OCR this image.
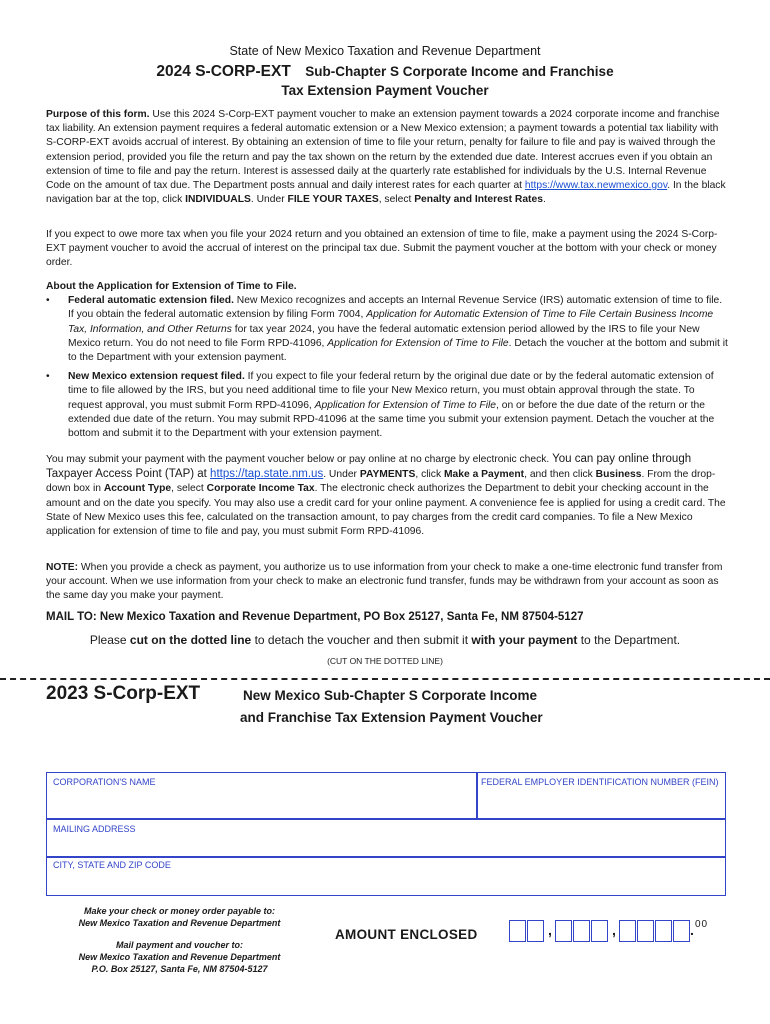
State of New Mexico Taxation and Revenue Department
2024 S-CORP-EXT Sub-Chapter S Corporate Income and Franchise
Tax Extension Payment Voucher

Purpose of this form. Use this 2024 S-Corp-EXT payment voucher to make an extension payment towards a 2024 corporate income and franchise tax liability. An extension payment requires a federal automatic extension or a New Mexico extension; a payment towards a potential tax liability with S-CORP-EXT avoids accrual of interest. By obtaining an extension of time to file your return, penalty for failure to file and pay is waived through the extension period, provided you file the return and pay the tax shown on the return by the extended due date. Interest accrues even if you obtain an extension of time to file and pay the return. Interest is assessed daily at the quarterly rate established for individuals by the U.S. Internal Revenue Code on the amount of tax due. The Department posts annual and daily interest rates for each quarter at https://www.tax.newmexico.gov. In the black navigation bar at the top, click INDIVIDUALS. Under FILE YOUR TAXES, select Penalty and Interest Rates.

If you expect to owe more tax when you file your 2024 return and you obtained an extension of time to file, make a payment using the 2024 S-Corp-EXT payment voucher to avoid the accrual of interest on the principal tax due. Submit the payment voucher at the bottom with your check or money order.

About the Application for Extension of Time to File.

• Federal automatic extension filed. New Mexico recognizes and accepts an Internal Revenue Service (IRS) automatic extension of time to file. If you obtain the federal automatic extension by filing Form 7004, Application for Automatic Extension of Time to File Certain Business Income Tax, Information, and Other Returns for tax year 2024, you have the federal automatic extension period allowed by the IRS to file your New Mexico return. You do not need to file Form RPD-41096, Application for Extension of Time to File. Detach the voucher at the bottom and submit it to the Department with your extension payment.
• New Mexico extension request filed. If you expect to file your federal return by the original due date or by the federal automatic extension of time to file allowed by the IRS, but you need additional time to file your New Mexico return, you must obtain approval through the state. To request approval, you must submit Form RPD-41096, Application for Extension of Time to File, on or before the due date of the return or the extended due date of the return. You may submit RPD-41096 at the same time you submit your extension payment. Detach the voucher at the bottom and submit it to the Department with your extension payment.

You may submit your payment with the payment voucher below or pay online at no charge by electronic check. You can pay online through Taxpayer Access Point (TAP) at https://tap.state.nm.us. Under PAYMENTS, click Make a Payment, and then click Business. From the drop-down box in Account Type, select Corporate Income Tax. The electronic check authorizes the Department to debit your checking account in the amount and on the date you specify. You may also use a credit card for your online payment. A convenience fee is applied for using a credit card. The State of New Mexico uses this fee, calculated on the transaction amount, to pay charges from the credit card companies. To file a New Mexico application for extension of time to file and pay, you must submit Form RPD-41096.

NOTE: When you provide a check as payment, you authorize us to use information from your check to make a one-time electronic fund transfer from your account. When we use information from your check to make an electronic fund transfer, funds may be withdrawn from your account as soon as the same day you make your payment.

MAIL TO: New Mexico Taxation and Revenue Department, PO Box 25127, Santa Fe, NM 87504-5127
Please cut on the dotted line to detach the voucher and then submit it with your payment to the Department.
(CUT ON THE DOTTED LINE)
2023 S-Corp-EXT	New Mexico Sub-Chapter S Corporate Income
and Franchise Tax Extension Payment Voucher
CORPORATION'S NAME	FEDERAL EMPLOYER IDENTIFICATION NUMBER (FEIN)
MAILING ADDRESS
CITY, STATE AND ZIP CODE
Make your check or money order payable to:
New Mexico Taxation and Revenue Department
Mail payment and voucher to:
New Mexico Taxation and Revenue Department
P.O. Box 25127, Santa Fe, NM 87504-5127
AMOUNT ENCLOSED	,	,	. 00
